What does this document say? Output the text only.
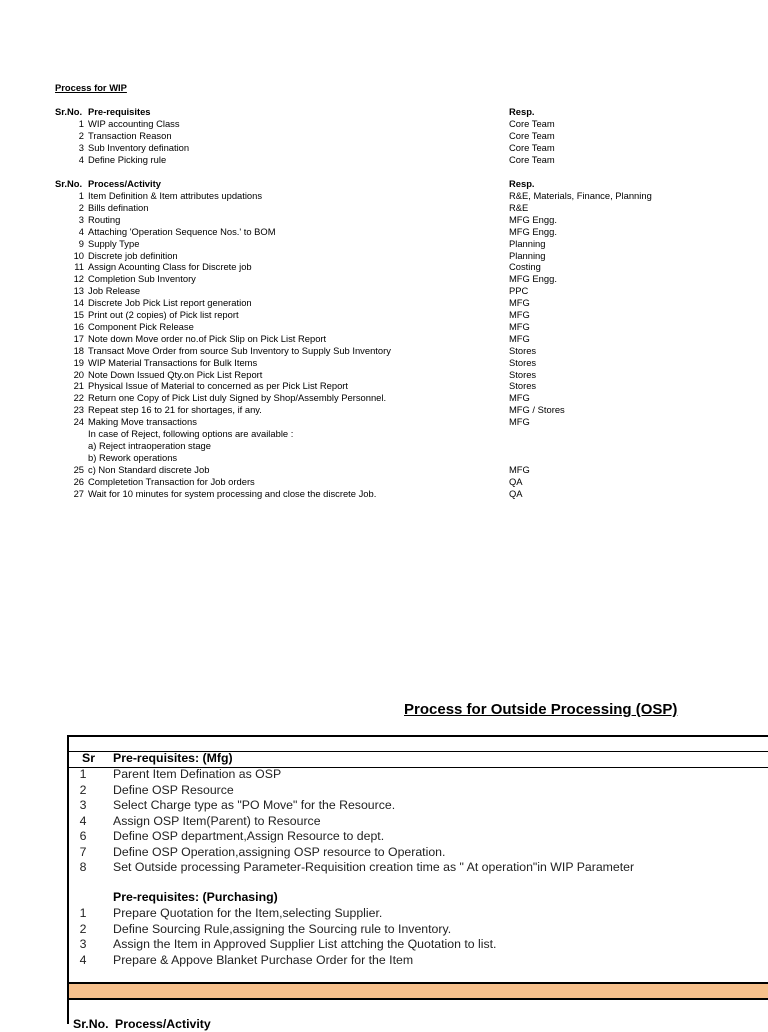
Process for WIP
Sr.No. Pre-requisites	Resp.
1 WIP accounting Class	Core Team
2 Transaction Reason	Core Team
3 Sub Inventory defination	Core Team
4 Define Picking rule	Core Team
Sr.No. Process/Activity	Resp.
1 Item Definition & Item attributes updations	R&E, Materials, Finance, Planning
2 Bills defination	R&E
3 Routing	MFG Engg.
4 Attaching 'Operation Sequence Nos.' to BOM	MFG Engg.
9 Supply Type	Planning
10 Discrete job definition	Planning
11 Assign Acounting Class for Discrete job	Costing
12 Completion Sub Inventory	MFG Engg.
13 Job Release	PPC
14 Discrete Job Pick List report generation	MFG
15 Print out (2 copies) of Pick list report	MFG
16 Component Pick Release	MFG
17 Note down Move order no.of Pick Slip on Pick List Report	MFG
18 Transact Move Order from source Sub Inventory to Supply Sub Inventory	Stores
19 WIP Material Transactions for Bulk Items	Stores
20 Note Down Issued Qty.on Pick List Report	Stores
21 Physical Issue of Material to concerned as per Pick List Report	Stores
22 Return one Copy of Pick List duly Signed by Shop/Assembly Personnel.	MFG
23 Repeat step 16 to 21 for shortages, if any.	MFG / Stores
24 Making Move transactions	MFG
In case of Reject, following options are available :
a) Reject intraoperation stage
b) Rework operations
25 c) Non Standard discrete Job	MFG
26 Completetion Transaction for Job orders	QA
27 Wait for 10 minutes for system processing and close the discrete Job.	QA
Process for Outside Processing (OSP)
Sr Pre-requisites: (Mfg)
1	Parent Item Defination as OSP
2	Define OSP Resource
3	Select Charge type as "PO Move" for the Resource.
4	Assign OSP Item(Parent) to Resource
6	Define OSP department,Assign Resource to dept.
7	Define OSP Operation,assigning OSP resource to Operation.
8	Set Outside processing Parameter-Requisition creation time as " At operation"in WIP Parameter
Pre-requisites: (Purchasing)
1	Prepare Quotation for the Item,selecting Supplier.
2	Define Sourcing Rule,assigning the Sourcing rule to Inventory.
3	Assign the Item in Approved Supplier List attching the Quotation to list.
4	Prepare & Appove Blanket Purchase Order for the Item
Sr.No. Process/Activity
